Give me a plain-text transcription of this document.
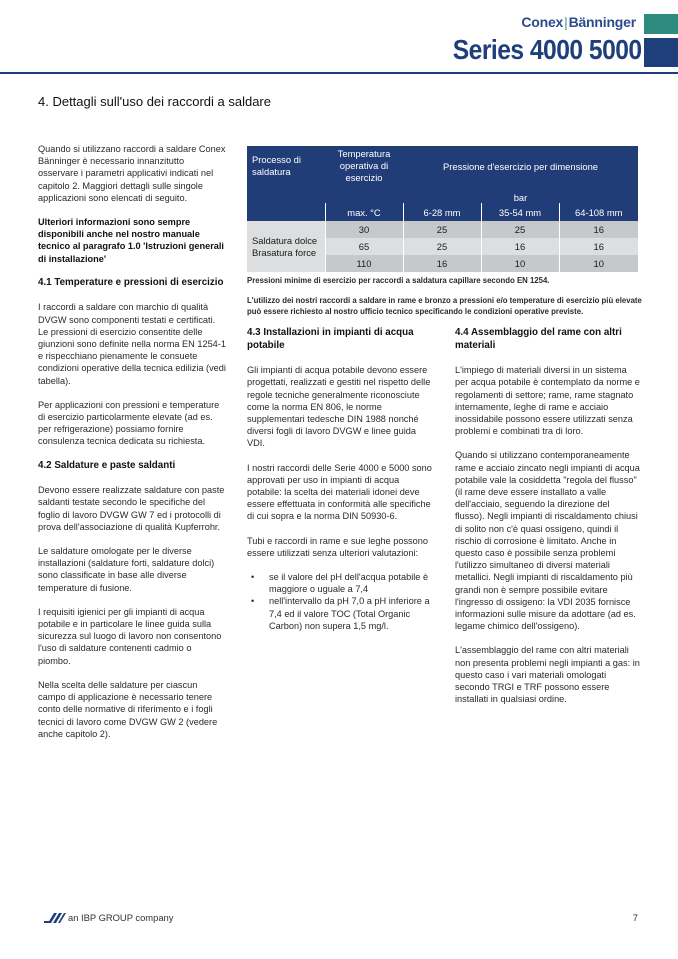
Conex|Bänninger
Series 4000 5000
4. Dettagli sull'uso dei raccordi a saldare

Quando si utilizzano raccordi a saldare Conex Bänninger è necessario innanzitutto osservare i parametri applicativi indicati nel capitolo 2. Maggiori dettagli sulle singole applicazioni sono elencati di seguito.

Ulteriori informazioni sono sempre disponibili anche nel nostro manuale tecnico al paragrafo 1.0 'Istruzioni generali di installazione'

4.1 Temperature e pressioni di esercizio

I raccordi a saldare con marchio di qualità DVGW sono componenti testati e certificati. Le pressioni di esercizio consentite delle giunzioni sono definite nella norma EN 1254-1 e rispecchiano pienamente le consuete condizioni operative della tecnica edilizia (vedi tabella).

Per applicazioni con pressioni e temperature di esercizio particolarmente elevate (ad es. per refrigerazione) possiamo fornire consulenza tecnica dedicata su richiesta.

4.2 Saldature e paste saldanti

Devono essere realizzate saldature con paste saldanti testate secondo le specifiche del foglio di lavoro DVGW GW 7 ed i protocolli di prova dell'associazione di qualità Kupferrohr.

Le saldature omologate per le diverse installazioni (saldature forti, saldature dolci) sono classificate in base alle diverse temperature di fusione.

I requisiti igienici per gli impianti di acqua potabile e in particolare le linee guida sulla sicurezza sul luogo di lavoro non consentono l'uso di saldature contenenti cadmio o piombo.

Nella scelta delle saldature per ciascun campo di applicazione è necessario tenere conto delle normative di riferimento e i fogli tecnici di lavoro come DVGW GW 2 (vedere anche capitolo 2).

Processo di saldatura	Temperatura operativa di esercizio	Pressione d'esercizio per dimensione		
		bar		
	max. °C	6-28 mm	35-54 mm	64-108 mm

Saldatura dolce
Brasatura force	30	25	25	16
	65	25	16	16
	110	16	10	10
Pressioni minime di esercizio per raccordi a saldatura capillare secondo EN 1254.
L'utilizzo dei nostri raccordi a saldare in rame e bronzo a pressioni e/o temperature di esercizio più elevate può essere richiesto al nostro ufficio tecnico specificando le condizioni operative previste.
4.3 Installazioni in impianti di acqua potabile

Gli impianti di acqua potabile devono essere progettati, realizzati e gestiti nel rispetto delle regole tecniche generalmente riconosciute come la norma EN 806, le norme supplementari tedesche DIN 1988 nonché diversi fogli di lavoro DVGW e linee guida VDI.

I nostri raccordi delle Serie 4000 e 5000 sono approvati per uso in impianti di acqua potabile: la scelta dei materiali idonei deve essere effettuata in conformità alle specifiche di cui sopra e la norma DIN 50930-6.

Tubi e raccordi in rame e sue leghe possono essere utilizzati senza ulteriori valutazioni:

• se il valore del pH dell'acqua potabile è maggiore o uguale a 7,4
• nell'intervallo da pH 7,0 a pH inferiore a 7,4 ed il valore TOC (Total Organic Carbon) non supera 1,5 mg/l.
4.4 Assemblaggio del rame con altri materiali

L'impiego di materiali diversi in un sistema per acqua potabile è contemplato da norme e regolamenti di settore; rame, rame stagnato internamente, leghe di rame e acciaio inossidabile possono essere utilizzati senza problemi e combinati tra di loro.

Quando si utilizzano contemporaneamente rame e acciaio zincato negli impianti di acqua potabile vale la cosiddetta "regola del flusso" (il rame deve essere installato a valle dell'acciaio, seguendo la direzione del flusso). Negli impianti di riscaldamento chiusi di solito non c'è quasi ossigeno, quindi il rischio di corrosione è limitato. Anche in questo caso è possibile senza problemi l'utilizzo simultaneo di diversi materiali metallici. Negli impianti di riscaldamento più grandi non è sempre possibile evitare l'ingresso di ossigeno: la VDI 2035 fornisce informazioni sulle misure da adottare (ad es. legame chimico dell'ossigeno).

L'assemblaggio del rame con altri materiali non presenta problemi negli impianti a gas: in questo caso i vari materiali omologati secondo TRGI e TRF possono essere installati in qualsiasi ordine.

an IBP GROUP company	7
